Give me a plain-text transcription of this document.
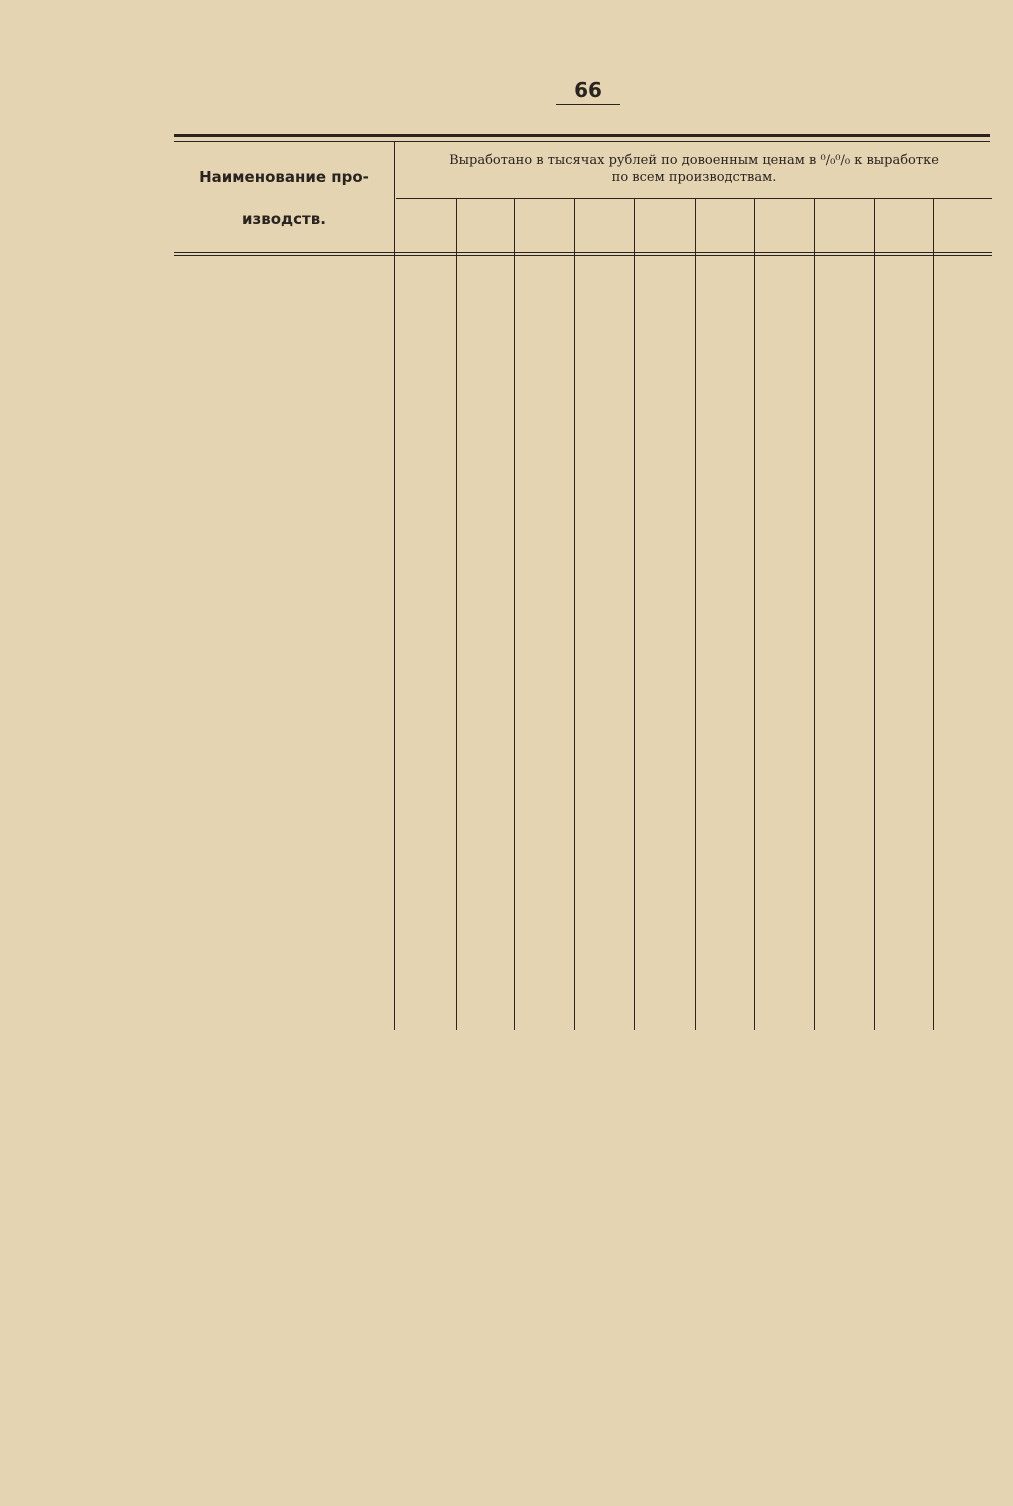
66
Наименование про-
изводств.
Выработано в тысячах рублей по довоенным ценам в ⁰/₀⁰/₀ к выработке
по всем производствам.
